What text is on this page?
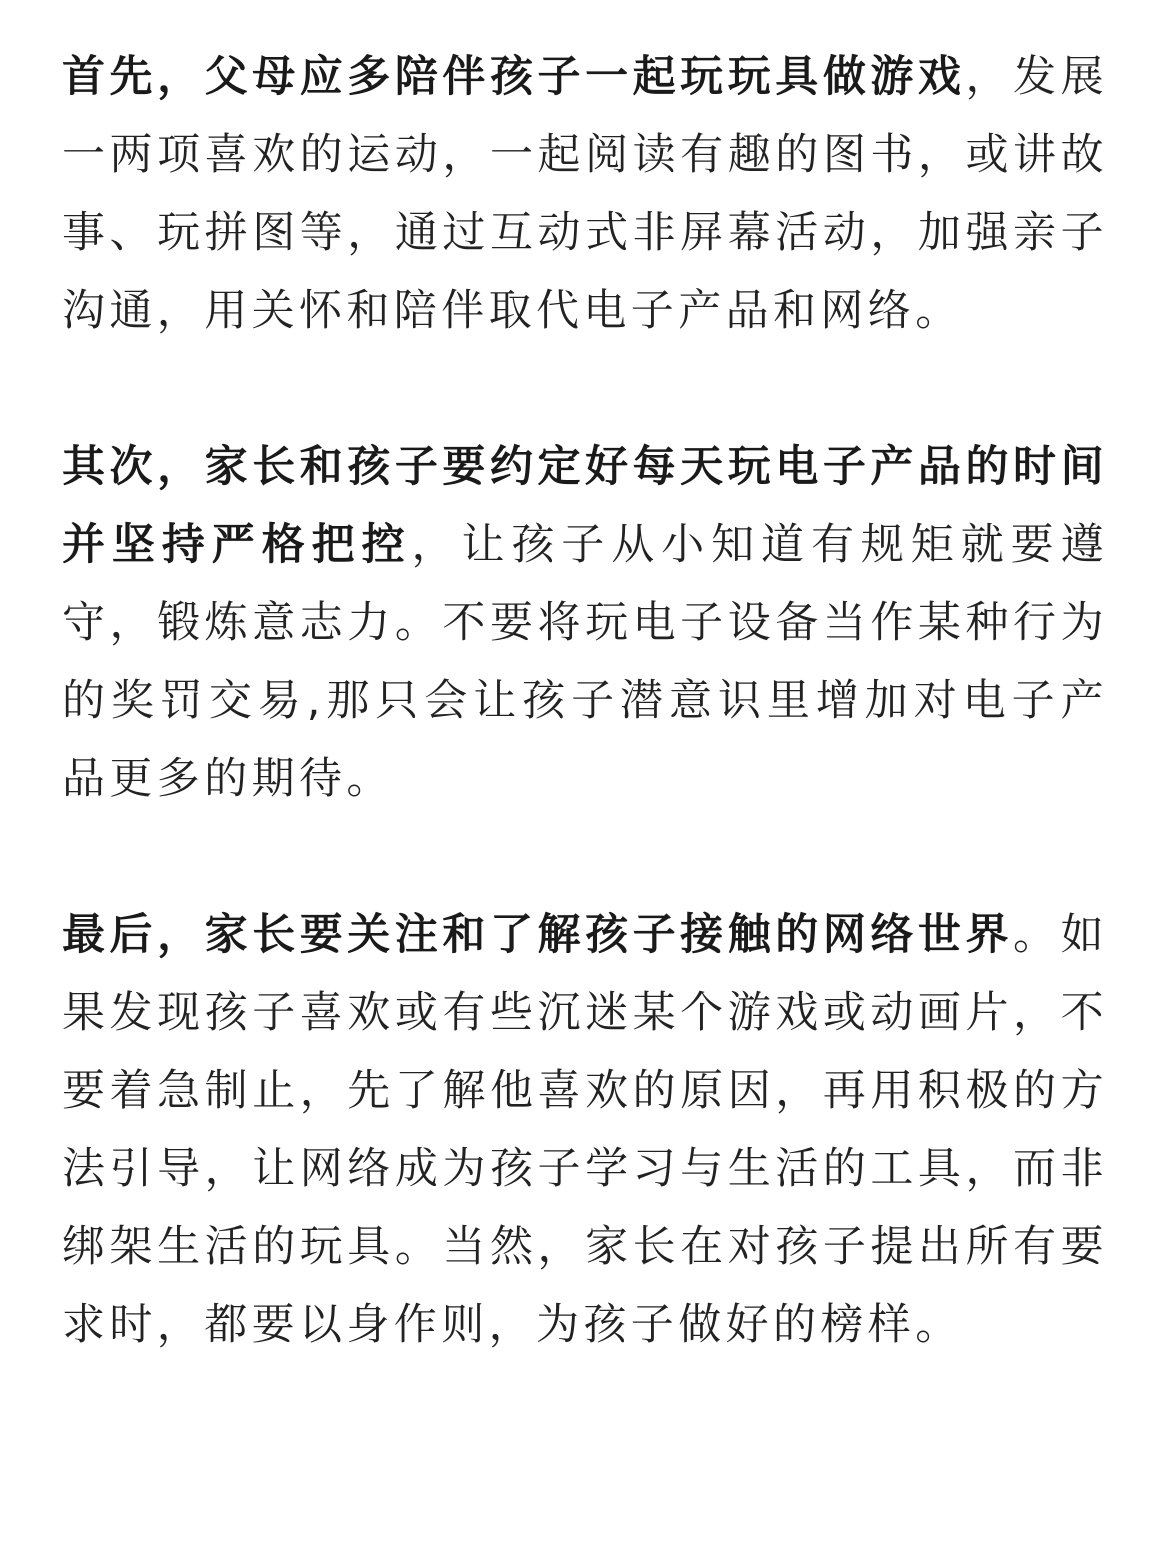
首先，父母应多陪伴孩子一起玩玩具做游戏，发展一两项喜欢的运动，一起阅读有趣的图书，或讲故事、玩拼图等，通过互动式非屏幕活动，加强亲子沟通，用关怀和陪伴取代电子产品和网络。

其次，家长和孩子要约定好每天玩电子产品的时间并坚持严格把控，让孩子从小知道有规矩就要遵守，锻炼意志力。不要将玩电子设备当作某种行为的奖罚交易,那只会让孩子潜意识里增加对电子产品更多的期待。

最后，家长要关注和了解孩子接触的网络世界。如果发现孩子喜欢或有些沉迷某个游戏或动画片，不要着急制止，先了解他喜欢的原因，再用积极的方法引导，让网络成为孩子学习与生活的工具，而非绑架生活的玩具。当然，家长在对孩子提出所有要求时，都要以身作则，为孩子做好的榜样。
